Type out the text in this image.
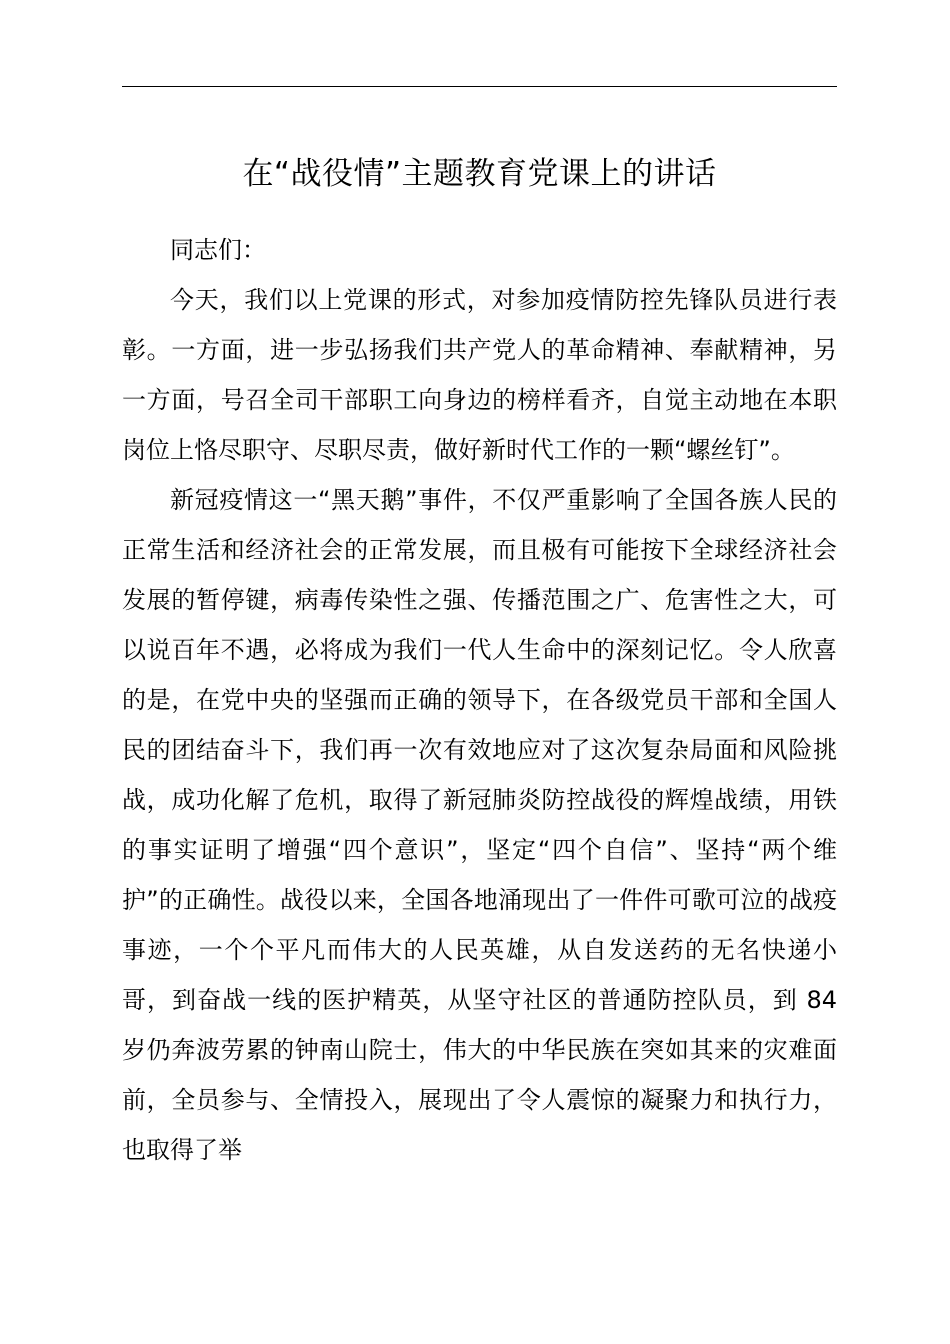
在“战役情”主题教育党课上的讲话

同志们：

今天，我们以上党课的形式，对参加疫情防控先锋队员进行表彰。一方面，进一步弘扬我们共产党人的革命精神、奉献精神，另一方面，号召全司干部职工向身边的榜样看齐，自觉主动地在本职岗位上恪尽职守、尽职尽责，做好新时代工作的一颗“螺丝钉”。

新冠疫情这一“黑天鹅”事件，不仅严重影响了全国各族人民的正常生活和经济社会的正常发展，而且极有可能按下全球经济社会发展的暂停键，病毒传染性之强、传播范围之广、危害性之大，可以说百年不遇，必将成为我们一代人生命中的深刻记忆。令人欣喜的是，在党中央的坚强而正确的领导下，在各级党员干部和全国人民的团结奋斗下，我们再一次有效地应对了这次复杂局面和风险挑战，成功化解了危机，取得了新冠肺炎防控战役的辉煌战绩，用铁的事实证明了增强“四个意识”，坚定“四个自信”、坚持“两个维护”的正确性。战役以来，全国各地涌现出了一件件可歌可泣的战疫事迹，一个个平凡而伟大的人民英雄，从自发送药的无名快递小哥，到奋战一线的医护精英，从坚守社区的普通防控队员，到 84 岁仍奔波劳累的钟南山院士，伟大的中华民族在突如其来的灾难面前，全员参与、全情投入，展现出了令人震惊的凝聚力和执行力，也取得了举
